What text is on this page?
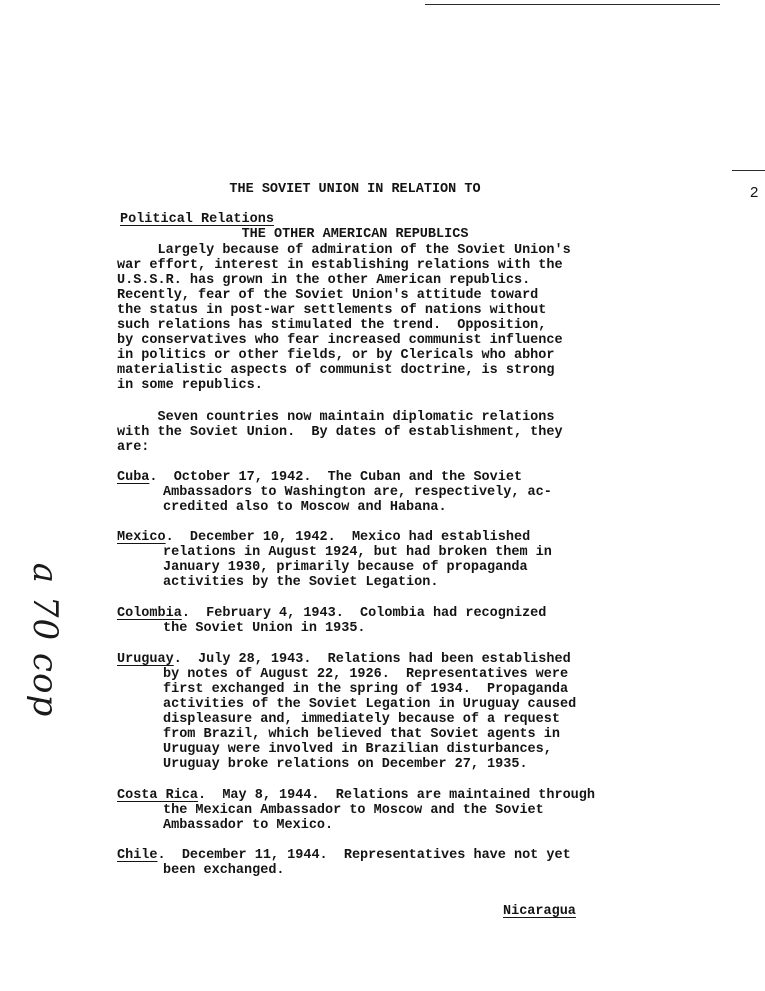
THE SOVIET UNION IN RELATION TO

THE OTHER AMERICAN REPUBLICS

2
Political Relations

Largely because of admiration of the Soviet Union's
war effort, interest in establishing relations with the
U.S.S.R. has grown in the other American republics.
Recently, fear of the Soviet Union's attitude toward
the status in post-war settlements of nations without
such relations has stimulated the trend.  Opposition,
by conservatives who fear increased communist influence
in politics or other fields, or by Clericals who abhor
materialistic aspects of communist doctrine, is strong
in some republics.

Seven countries now maintain diplomatic relations
with the Soviet Union.  By dates of establishment, they
are:

Cuba.  October 17, 1942.  The Cuban and the Soviet
Ambassadors to Washington are, respectively, ac-
credited also to Moscow and Habana.
Mexico.  December 10, 1942.  Mexico had established
relations in August 1924, but had broken them in
January 1930, primarily because of propaganda
activities by the Soviet Legation.
Colombia.  February 4, 1943.  Colombia had recognized
the Soviet Union in 1935.
Uruguay.  July 28, 1943.  Relations had been established
by notes of August 22, 1926.  Representatives were
first exchanged in the spring of 1934.  Propaganda
activities of the Soviet Legation in Uruguay caused
displeasure and, immediately because of a request
from Brazil, which believed that Soviet agents in
Uruguay were involved in Brazilian disturbances,
Uruguay broke relations on December 27, 1935.
Costa Rica.  May 8, 1944.  Relations are maintained through
the Mexican Ambassador to Moscow and the Soviet
Ambassador to Mexico.
Chile.  December 11, 1944.  Representatives have not yet
been exchanged.
Nicaragua
a 70 cop
